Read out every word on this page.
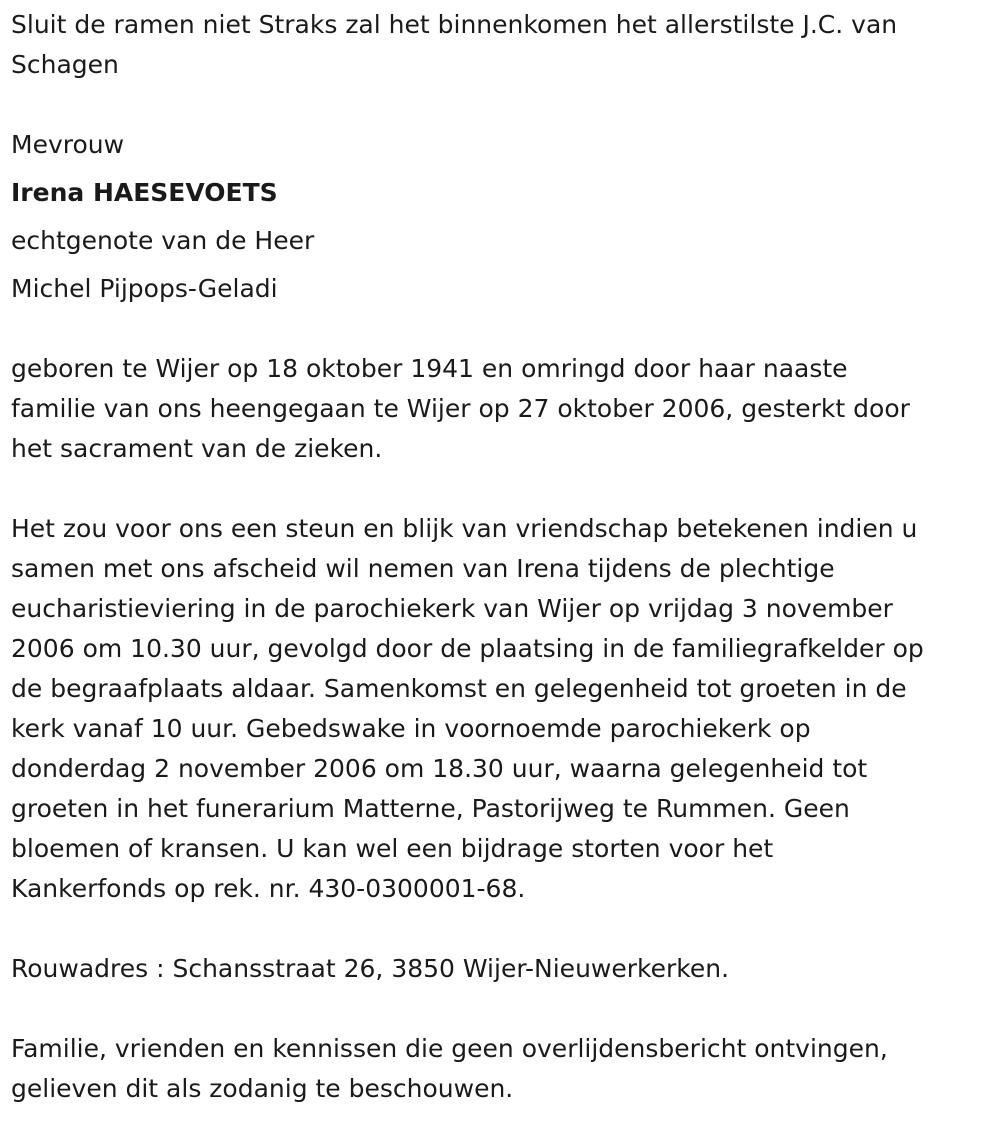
Sluit de ramen niet Straks zal het binnenkomen het allerstilste J.C. van

Schagen

Mevrouw

Irena HAESEVOETS

echtgenote van de Heer

Michel Pijpops-Geladi

geboren te Wijer op 18 oktober 1941 en omringd door haar naaste

familie van ons heengegaan te Wijer op 27 oktober 2006, gesterkt door

het sacrament van de zieken.

Het zou voor ons een steun en blijk van vriendschap betekenen indien u

samen met ons afscheid wil nemen van Irena tijdens de plechtige

eucharistieviering in de parochiekerk van Wijer op vrijdag 3 november

2006 om 10.30 uur, gevolgd door de plaatsing in de familiegrafkelder op

de begraafplaats aldaar. Samenkomst en gelegenheid tot groeten in de

kerk vanaf 10 uur. Gebedswake in voornoemde parochiekerk op

donderdag 2 november 2006 om 18.30 uur, waarna gelegenheid tot

groeten in het funerarium Matterne, Pastorijweg te Rummen. Geen

bloemen of kransen. U kan wel een bijdrage storten voor het

Kankerfonds op rek. nr. 430-0300001-68.

Rouwadres : Schansstraat 26, 3850 Wijer-Nieuwerkerken.

Familie, vrienden en kennissen die geen overlijdensbericht ontvingen,

gelieven dit als zodanig te beschouwen.
